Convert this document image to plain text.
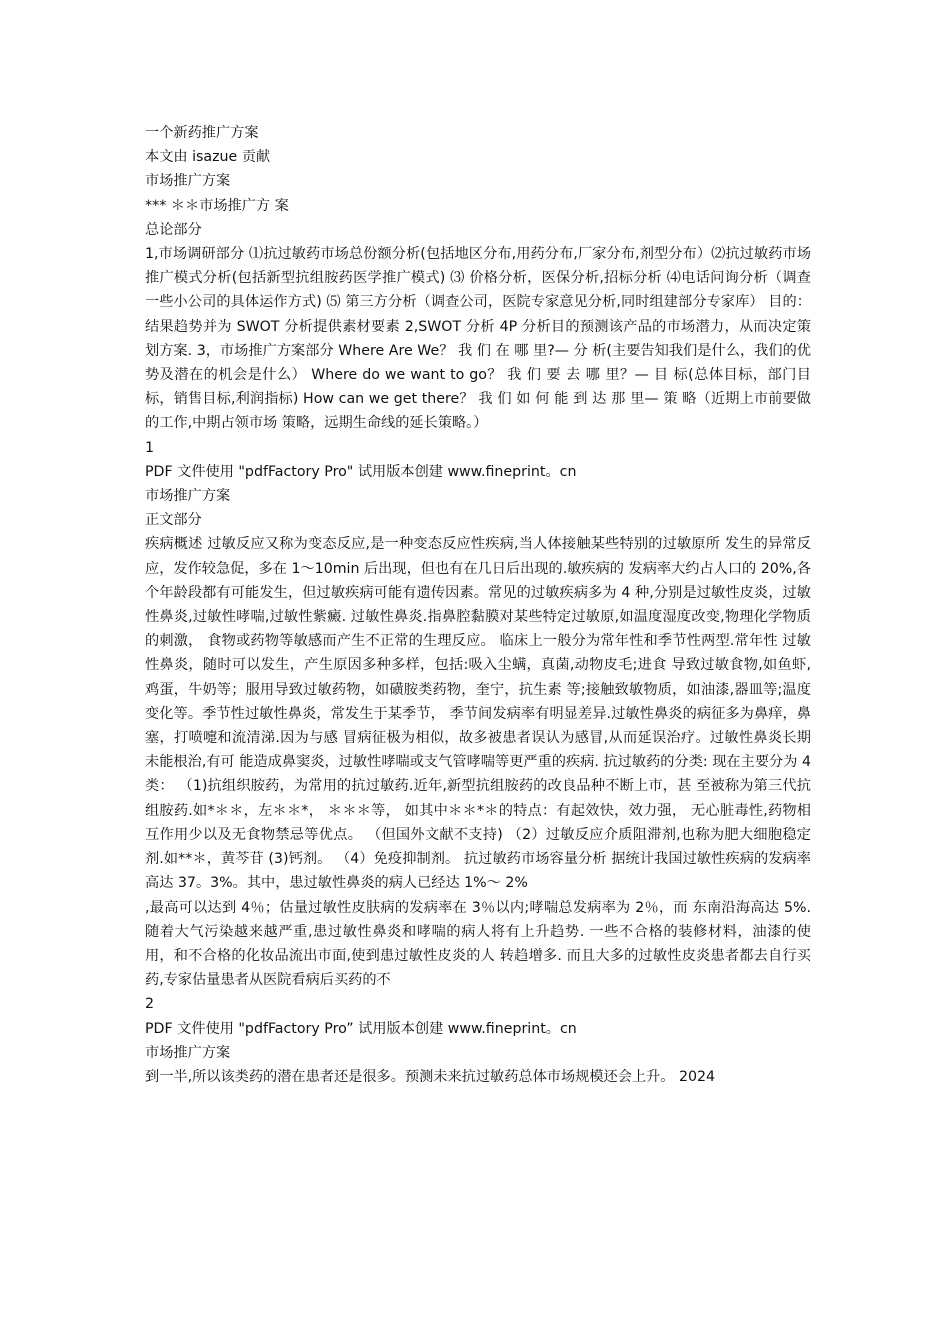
一个新药推广方案
本文由 isazue 贡献
市场推广方案
*** ＊＊市场推广方 案
总论部分

1,市场调研部分 ⑴抗过敏药市场总份额分析(包括地区分布,用药分布,厂家分布,剂型分布）⑵抗过敏药市场推广模式分析(包括新型抗组胺药医学推广模式) ⑶ 价格分析，医保分析,招标分析 ⑷电话问询分析（调查一些小公司的具体运作方式) ⑸ 第三方分析（调查公司，医院专家意见分析,同时组建部分专家库） 目的：结果趋势并为 SWOT 分析提供素材要素 2,SWOT 分析 4P 分析目的预测该产品的市场潜力，从而决定策划方案. 3，市场推广方案部分 Where Are We？ 我 们 在 哪 里?— 分 析(主要告知我们是什么，我们的优势及潜在的机会是什么） Where do we want to go？ 我 们 要 去 哪 里？— 目 标(总体目标，部门目标，销售目标,利润指标) How can we get there？ 我 们 如 何 能 到 达 那 里— 策 略（近期上市前要做的工作,中期占领市场 策略，远期生命线的延长策略。）

1
PDF 文件使用 "pdfFactory Pro" 试用版本创建 www.fineprint。cn
市场推广方案
正文部分

疾病概述 过敏反应又称为变态反应,是一种变态反应性疾病,当人体接触某些特别的过敏原所 发生的异常反应，发作较急促，多在 1～10min 后出现，但也有在几日后出现的.敏疾病的 发病率大约占人口的 20%,各个年龄段都有可能发生，但过敏疾病可能有遗传因素。常见的过敏疾病多为 4 种,分别是过敏性皮炎，过敏性鼻炎,过敏性哮喘,过敏性紫癜. 过敏性鼻炎.指鼻腔黏膜对某些特定过敏原,如温度湿度改变,物理化学物质的刺激， 食物或药物等敏感而产生不正常的生理反应。 临床上一般分为常年性和季节性两型.常年性 过敏性鼻炎，随时可以发生，产生原因多种多样，包括:吸入尘螨，真菌,动物皮毛;进食 导致过敏食物,如鱼虾,鸡蛋，牛奶等；服用导致过敏药物，如磺胺类药物，奎宁，抗生素 等;接触致敏物质，如油漆,器皿等;温度变化等。季节性过敏性鼻炎，常发生于某季节， 季节间发病率有明显差异.过敏性鼻炎的病征多为鼻痒，鼻塞，打喷嚏和流清涕.因为与感 冒病征极为相似，故多被患者误认为感冒,从而延误治疗。过敏性鼻炎长期未能根治,有可 能造成鼻窦炎，过敏性哮喘或支气管哮喘等更严重的疾病. 抗过敏药的分类: 现在主要分为 4 类： （1)抗组织胺药，为常用的抗过敏药.近年,新型抗组胺药的改良品种不断上市，甚 至被称为第三代抗组胺药.如*＊＊，左＊＊*， ＊＊＊等， 如其中＊＊*＊的特点：有起效快，效力强， 无心脏毒性,药物相互作用少以及无食物禁忌等优点。 （但国外文献不支持) （2）过敏反应介质阻滞剂,也称为肥大细胞稳定剂.如**＊，黄芩苷 (3)钙剂。 （4）免疫抑制剂。 抗过敏药市场容量分析 据统计我国过敏性疾病的发病率高达 37。3%。其中，患过敏性鼻炎的病人已经达 1%～ 2%

,最高可以达到 4％；估量过敏性皮肤病的发病率在 3％以内;哮喘总发病率为 2％，而 东南沿海高达 5%.随着大气污染越来越严重,患过敏性鼻炎和哮喘的病人将有上升趋势. 一些不合格的装修材料，油漆的使用，和不合格的化妆品流出市面,使到患过敏性皮炎的人 转趋增多. 而且大多的过敏性皮炎患者都去自行买药,专家估量患者从医院看病后买药的不

2
PDF 文件使用 "pdfFactory Pro” 试用版本创建 www.fineprint。cn
市场推广方案
到一半,所以该类药的潜在患者还是很多。预测未来抗过敏药总体市场规模还会上升。 2024
